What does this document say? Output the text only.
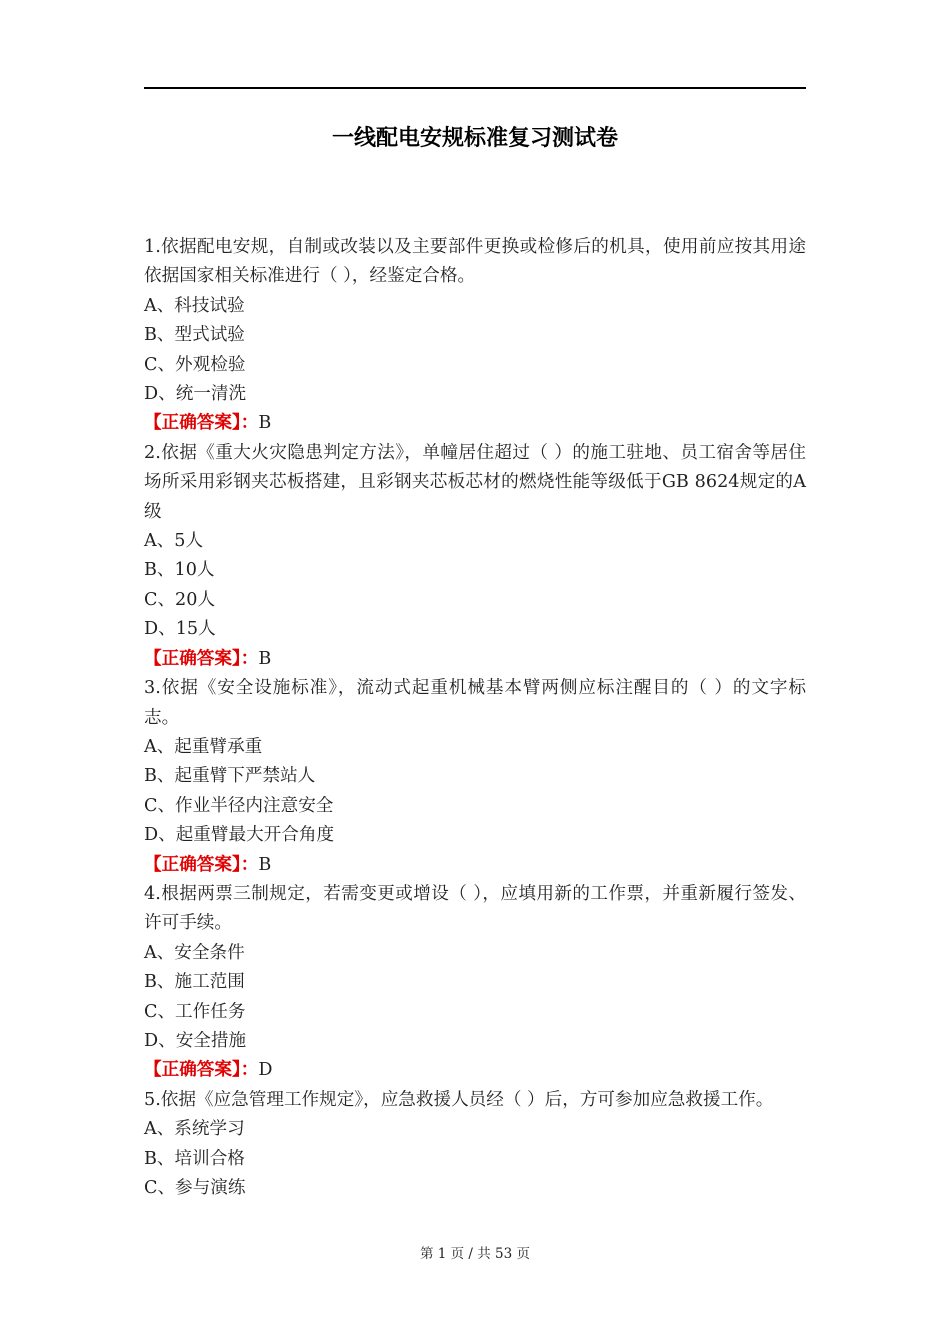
一线配电安规标准复习测试卷

1.依据配电安规，自制或改装以及主要部件更换或检修后的机具，使用前应按其用途依据国家相关标准进行（ ），经鉴定合格。

A、科技试验

B、型式试验

C、外观检验

D、统一清洗

【正确答案】：B

2.依据《重大火灾隐患判定方法》，单幢居住超过（ ）的施工驻地、员工宿舍等居住场所采用彩钢夹芯板搭建，且彩钢夹芯板芯材的燃烧性能等级低于GB 8624规定的A级

A、5人

B、10人

C、20人

D、15人

【正确答案】：B

3.依据《安全设施标准》，流动式起重机械基本臂两侧应标注醒目的（ ）的文字标志。

A、起重臂承重

B、起重臂下严禁站人

C、作业半径内注意安全

D、起重臂最大开合角度

【正确答案】：B

4.根据两票三制规定，若需变更或增设（ ），应填用新的工作票，并重新履行签发、许可手续。

A、安全条件

B、施工范围

C、工作任务

D、安全措施

【正确答案】：D

5.依据《应急管理工作规定》，应急救援人员经（ ）后，方可参加应急救援工作。

A、系统学习

B、培训合格

C、参与演练

第 1 页 / 共 53 页
